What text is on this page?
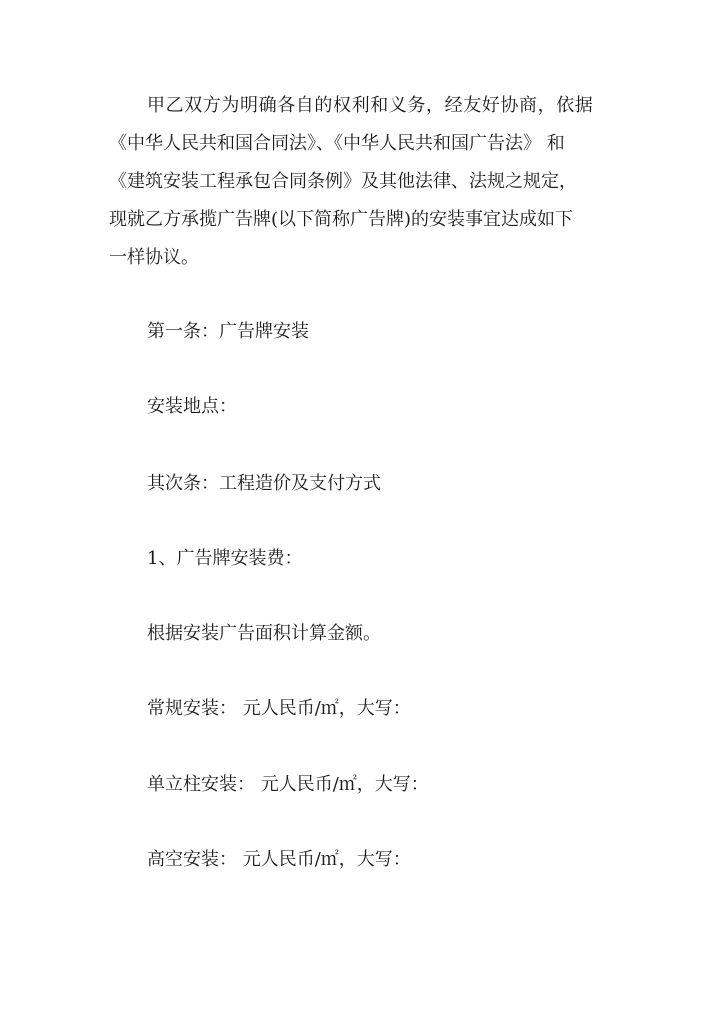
甲乙双方为明确各自的权利和义务，经友好协商，依据
《中华人民共和国合同法》、《中华人民共和国广告法》 和
《建筑安装工程承包合同条例》及其他法律、法规之规定，
现就乙方承揽广告牌(以下简称广告牌)的安装事宜达成如下
一样协议。
第一条：广告牌安装
安装地点：
其次条：工程造价及支付方式
1、广告牌安装费：
根据安装广告面积计算金额。
常规安装： 元人民币/㎡，大写：
单立柱安装： 元人民币/㎡，大写：
高空安装： 元人民币/㎡，大写：
